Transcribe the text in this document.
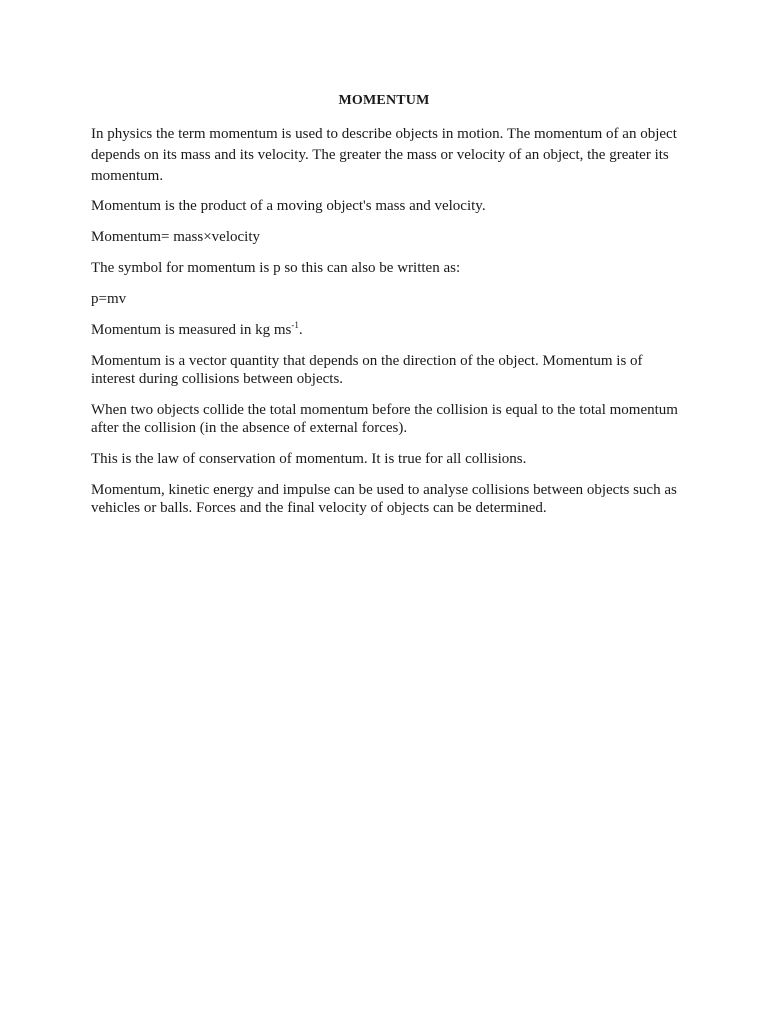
MOMENTUM

In physics the term momentum is used to describe objects in motion. The momentum of an object depends on its mass and its velocity. The greater the mass or velocity of an object, the greater its momentum.

Momentum is the product of a moving object's mass and velocity.

Momentum= mass×velocity

The symbol for momentum is p so this can also be written as:

p=mv

Momentum is measured in kg $ms^{-1}$.

Momentum is a vector quantity that depends on the direction of the object. Momentum is of interest during collisions between objects.

When two objects collide the total momentum before the collision is equal to the total momentum after the collision (in the absence of external forces).

This is the law of conservation of momentum. It is true for all collisions.

Momentum, kinetic energy and impulse can be used to analyse collisions between objects such as vehicles or balls. Forces and the final velocity of objects can be determined.
